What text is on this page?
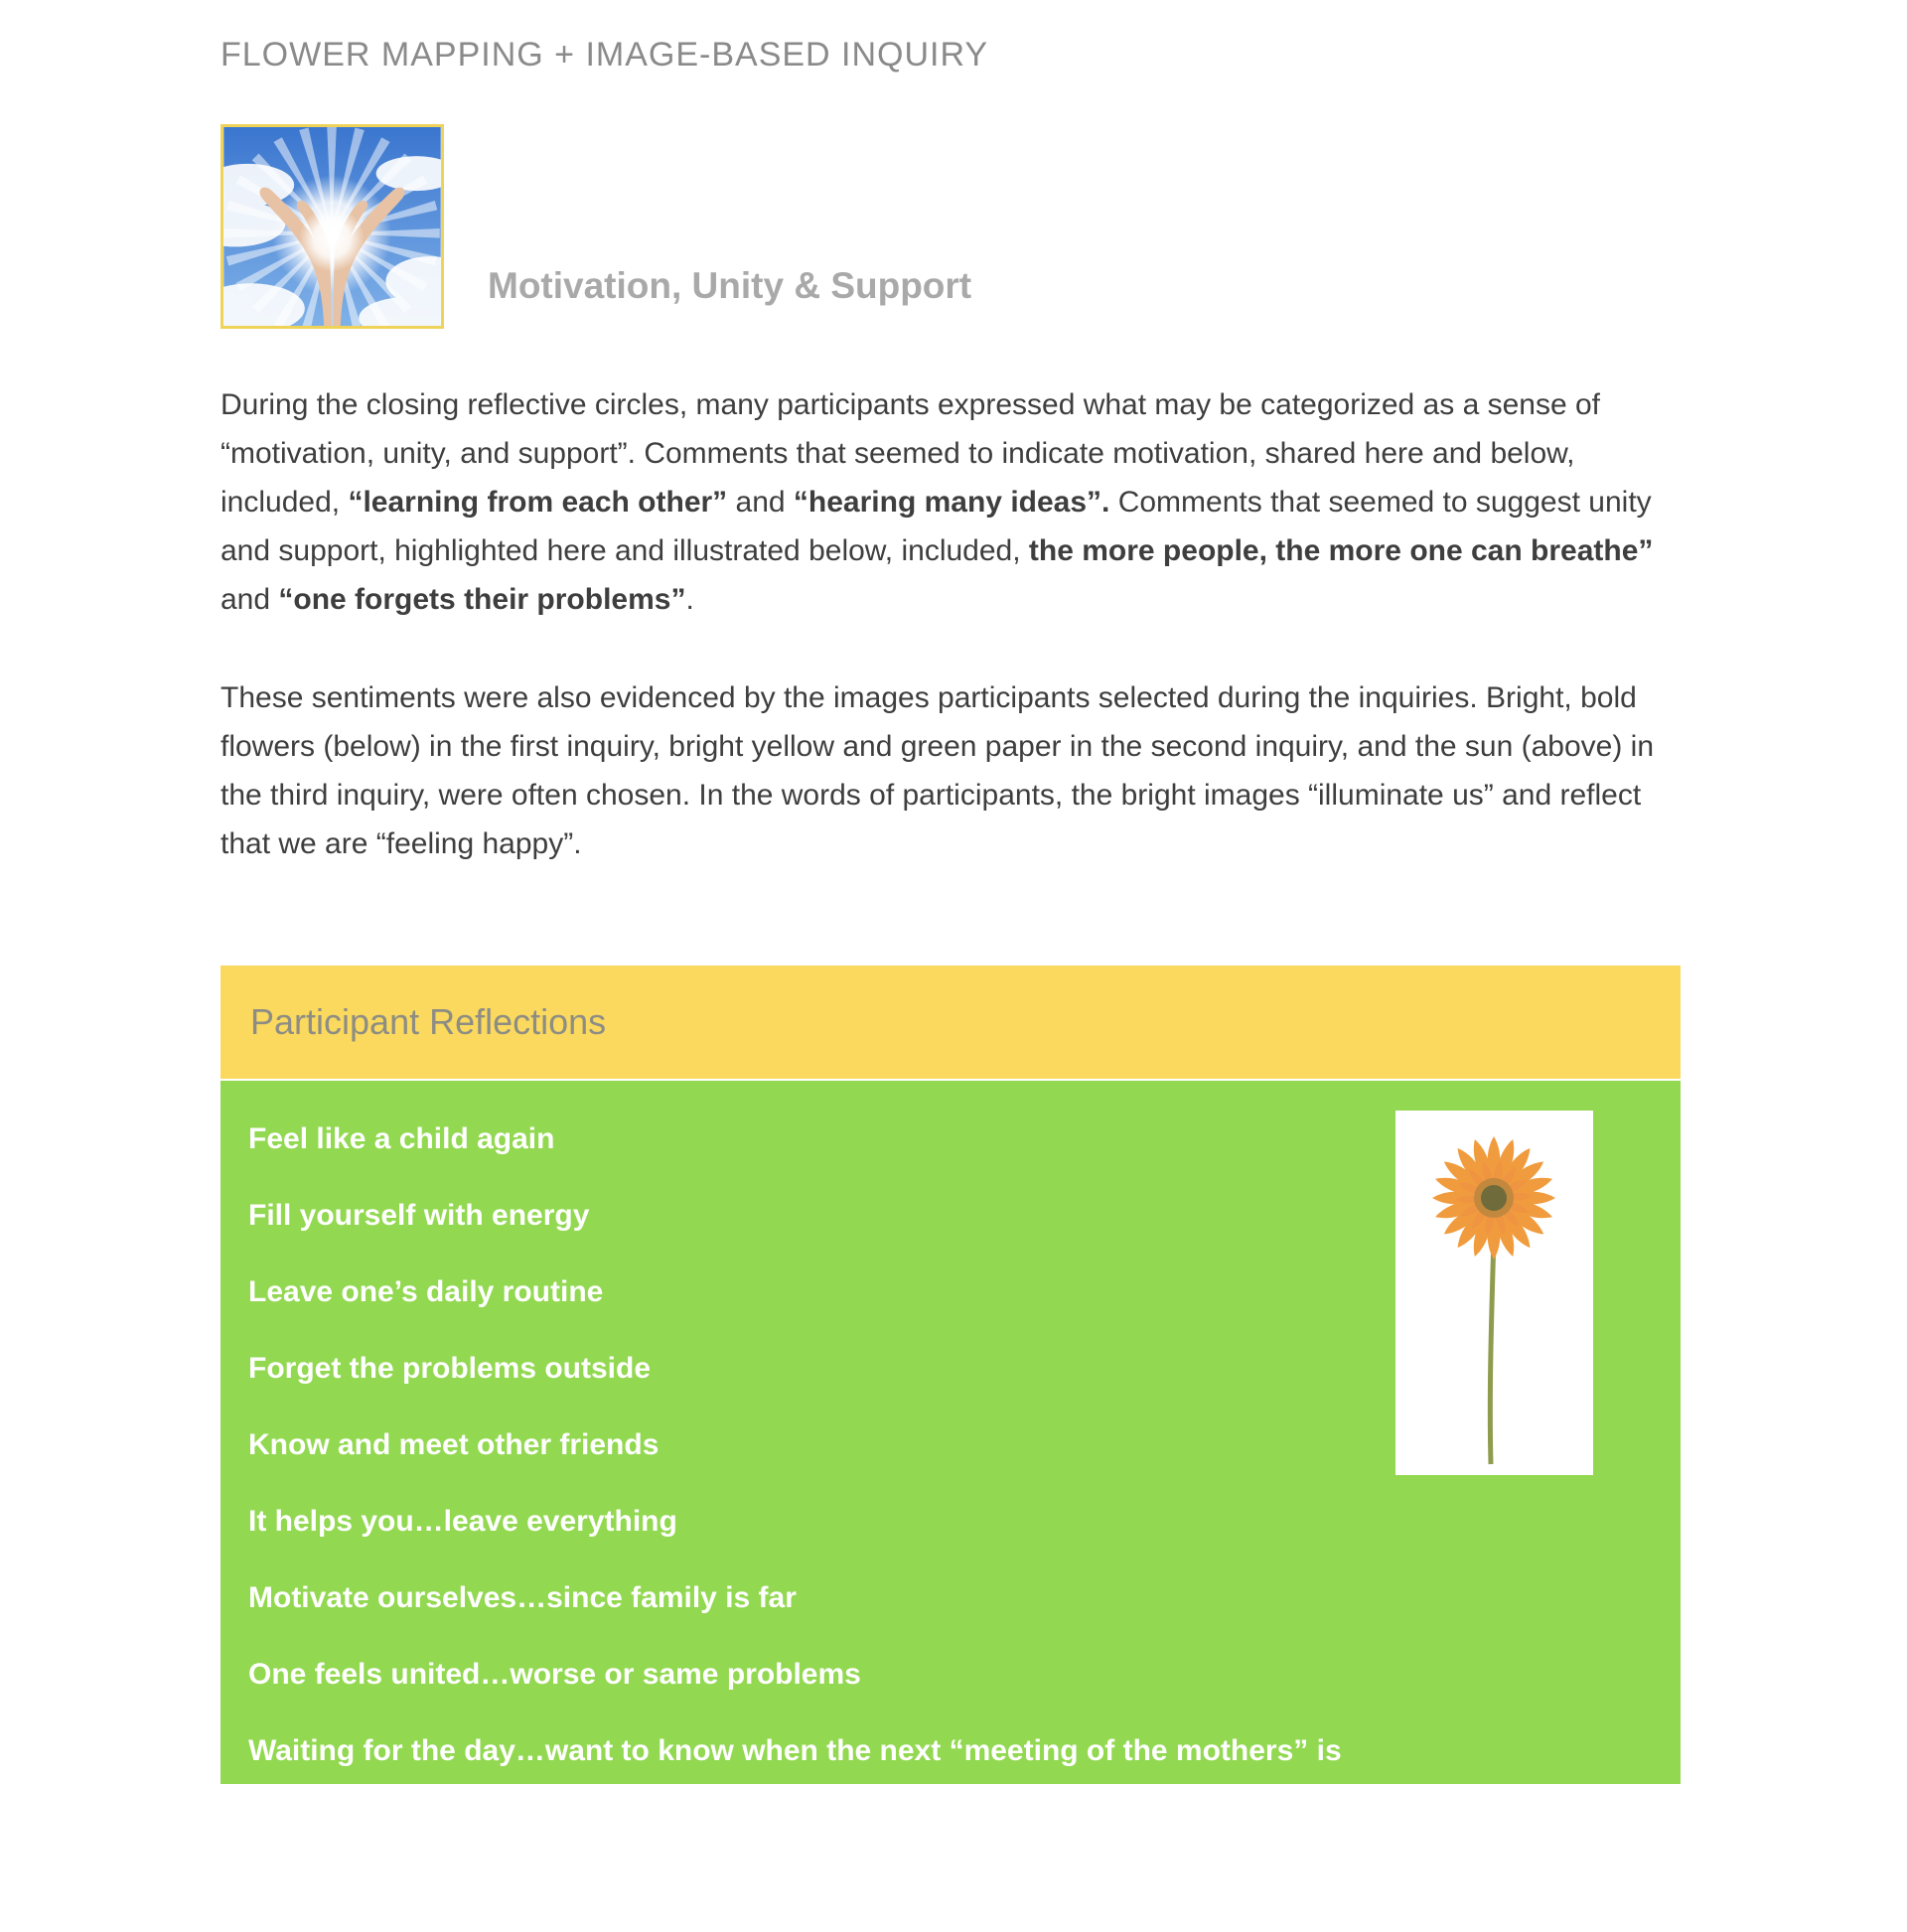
FLOWER MAPPING + IMAGE-BASED INQUIRY
Motivation, Unity & Support

During the closing reflective circles, many participants expressed what may be categorized as a sense of “motivation, unity, and support”. Comments that seemed to indicate motivation, shared here and below, included, “learning from each other” and “hearing many ideas”. Comments that seemed to suggest unity and support, highlighted here and illustrated below, included, the more people, the more one can breathe” and “one forgets their problems”.

These sentiments were also evidenced by the images participants selected during the inquiries. Bright, bold flowers (below) in the first inquiry, bright yellow and green paper in the second inquiry, and the sun (above) in the third inquiry, were often chosen. In the words of participants, the bright images “illuminate us” and reflect that we are “feeling happy”.

Participant Reflections
Feel like a child again
Fill yourself with energy
Leave one’s daily routine
Forget the problems outside
Know and meet other friends
It helps you…leave everything
Motivate ourselves…since family is far
One feels united…worse or same problems
Waiting for the day…want to know when the next “meeting of the mothers” is
